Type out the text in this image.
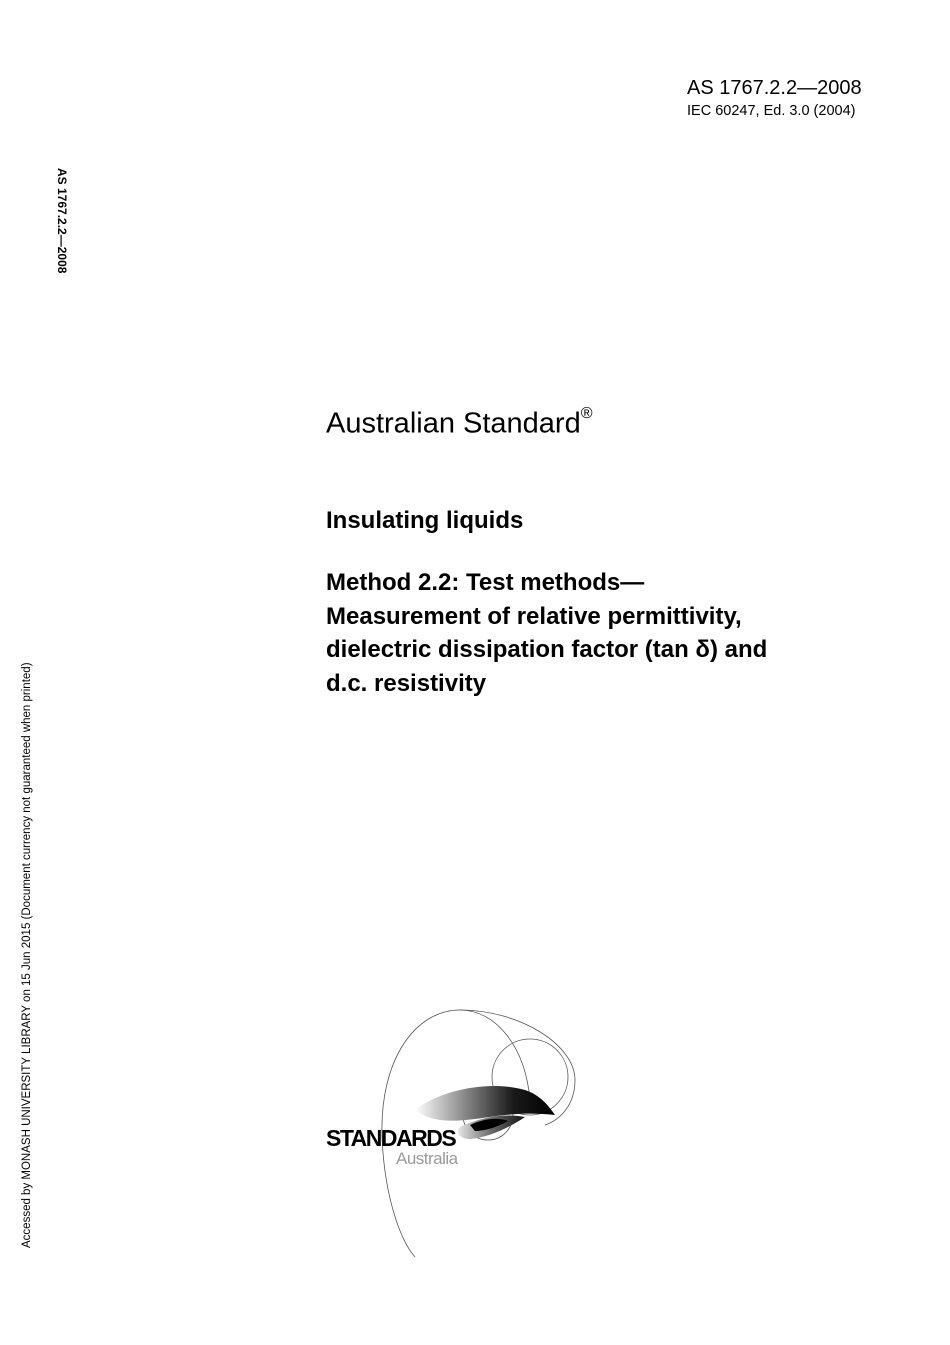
AS 1767.2.2—2008
IEC 60247, Ed. 3.0 (2004)
AS 1767.2.2—2008
Accessed by MONASH UNIVERSITY LIBRARY on 15 Jun 2015 (Document currency not guaranteed when printed)
Australian Standard®
Insulating liquids
Method 2.2: Test methods—
Measurement of relative permittivity,
dielectric dissipation factor (tan δ) and
d.c. resistivity
STANDARDS
Australia
